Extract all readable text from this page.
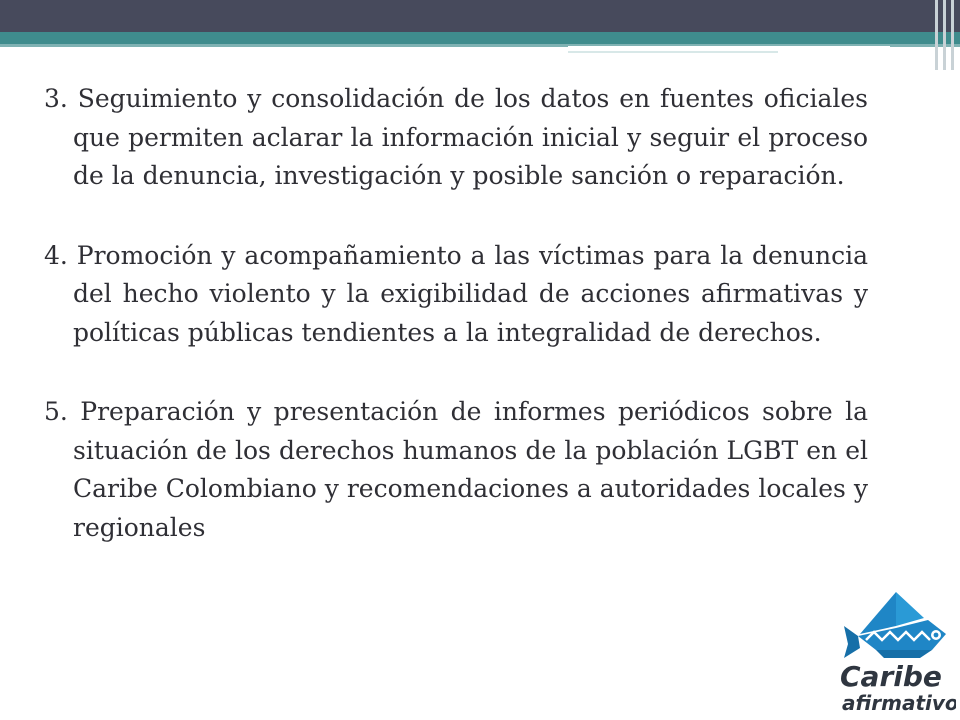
3. Seguimiento y consolidación de los datos en fuentes oficiales que permiten aclarar la información inicial y seguir el proceso de la denuncia, investigación y posible sanción o reparación.

4. Promoción y acompañamiento a las víctimas para la denuncia del hecho violento y la exigibilidad de acciones afirmativas y políticas públicas tendientes a la integralidad de derechos.

5. Preparación y presentación de informes periódicos sobre la situación de los derechos humanos de la población LGBT en el Caribe Colombiano y recomendaciones a autoridades locales y regionales

Caribe
afirmativo
